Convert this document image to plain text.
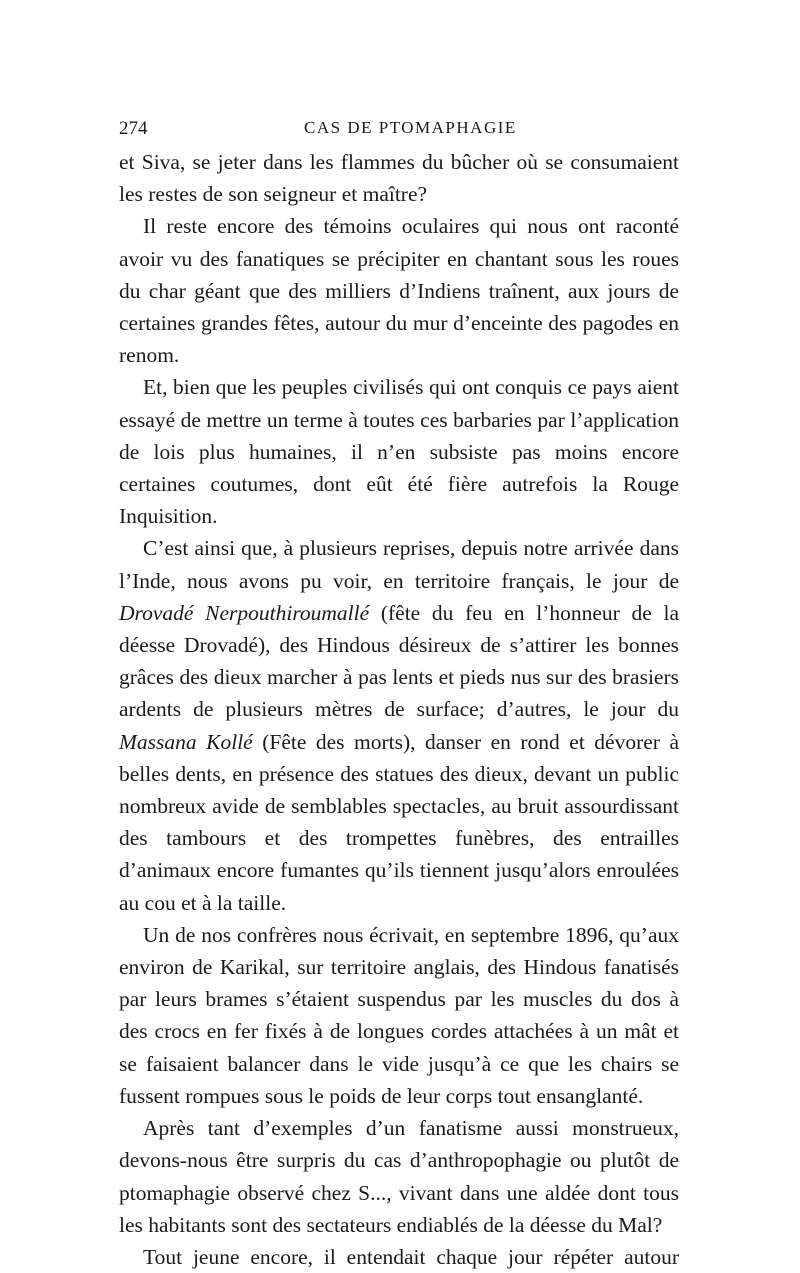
274	CAS DE PTOMAPHAGIE

et Siva, se jeter dans les flammes du bûcher où se consumaient les restes de son seigneur et maître?

Il reste encore des témoins oculaires qui nous ont raconté avoir vu des fanatiques se précipiter en chantant sous les roues du char géant que des milliers d’Indiens traînent, aux jours de certaines grandes fêtes, autour du mur d’enceinte des pagodes en renom.

Et, bien que les peuples civilisés qui ont conquis ce pays aient essayé de mettre un terme à toutes ces barbaries par l’application de lois plus humaines, il n’en subsiste pas moins encore certaines coutumes, dont eût été fière autrefois la Rouge Inquisition.

C’est ainsi que, à plusieurs reprises, depuis notre arrivée dans l’Inde, nous avons pu voir, en territoire français, le jour de Drovadé Nerpouthiroumallé (fête du feu en l’honneur de la déesse Drovadé), des Hindous désireux de s’attirer les bonnes grâces des dieux marcher à pas lents et pieds nus sur des brasiers ardents de plusieurs mètres de surface; d’autres, le jour du Massana Kollé (Fête des morts), danser en rond et dévorer à belles dents, en présence des statues des dieux, devant un public nombreux avide de semblables spectacles, au bruit assourdissant des tambours et des trompettes funèbres, des entrailles d’animaux encore fumantes qu’ils tiennent jusqu’alors enroulées au cou et à la taille.

Un de nos confrères nous écrivait, en septembre 1896, qu’aux environ de Karikal, sur territoire anglais, des Hindous fanatisés par leurs brames s’étaient suspendus par les muscles du dos à des crocs en fer fixés à de longues cordes attachées à un mât et se faisaient balancer dans le vide jusqu’à ce que les chairs se fussent rompues sous le poids de leur corps tout ensanglanté.

Après tant d’exemples d’un fanatisme aussi monstrueux, devons-nous être surpris du cas d’anthropophagie ou plutôt de ptomaphagie observé chez S..., vivant dans une aldée dont tous les habitants sont des sectateurs endiablés de la déesse du Mal?

Tout jeune encore, il entendait chaque jour répéter autour
